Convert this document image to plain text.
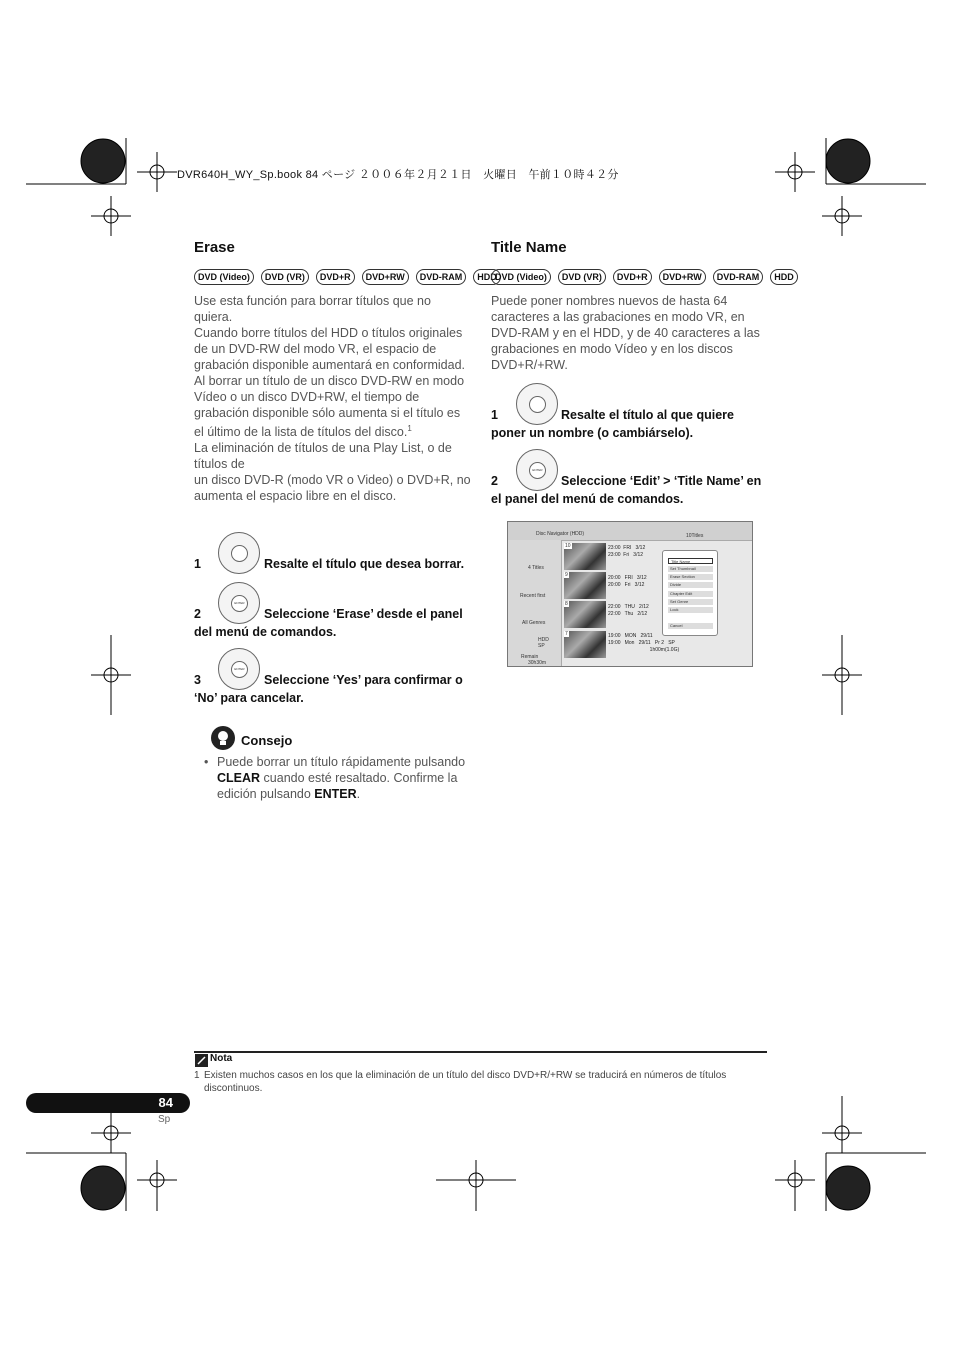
DVR640H_WY_Sp.book 84 ページ ２００６年２月２１日　火曜日　午前１０時４２分
Erase
DVD (Video)	DVD (VR)	DVD+R	DVD+RW	DVD-RAM	HDD

Use esta función para borrar títulos que no quiera.

Cuando borre títulos del HDD o títulos originales de un DVD-RW del modo VR, el espacio de grabación disponible aumentará en conformidad. Al borrar un título de un disco DVD-RW en modo Vídeo o un disco DVD+RW, el tiempo de grabación disponible sólo aumenta si el título es el último de la lista de títulos del disco.$^1$

La eliminación de títulos de una Play List, o de títulos de

un disco DVD-R (modo VR o Video) o DVD+R, no aumenta el espacio libre en el disco.

1	Resalte el título que desea borrar.
ENTER
2	Seleccione ‘Erase’ desde el panel del menú de comandos.
ENTER
3	Seleccione ‘Yes’ para confirmar o ‘No’ para cancelar.
Consejo
• Puede borrar un título rápidamente pulsando CLEAR cuando esté resaltado. Confirme la edición pulsando ENTER.
Title Name
DVD (Video)	DVD (VR)	DVD+R	DVD+RW	DVD-RAM	HDD
Puede poner nombres nuevos de hasta 64 caracteres a las grabaciones en modo VR, en DVD-RAM y en el HDD, y de 40 caracteres a las grabaciones en modo Vídeo y en los discos DVD+R/+RW.
1	Resalte el título al que quiere poner un nombre (o cambiárselo).
ENTER
2	Seleccione ‘Edit’ > ‘Title Name’ en el panel del menú de comandos.
Disc Navigator (HDD)	10Titles
4 Titles
Recent first
All Genres
HDD
SP
Remain
30h30m
10	23:00  FRI   3/12
23:00  Fri   3/12
9	20:00   FRI   3/12
20:00   Fri   3/12
8	22:00   THU   2/12
22:00   Thu   2/12
7	19:00   MON   29/11
19:00   Mon   29/11   Pr 2   SP
1h00m(1.0G)
Title Name
Set Thumbnail
Erase Section
Divide
Chapter Edit
Set Genre
Lock
Cancel
Nota
1 Existen muchos casos en los que la eliminación de un título del disco DVD+R/+RW se traducirá en números de títulos discontinuos.
84
Sp
